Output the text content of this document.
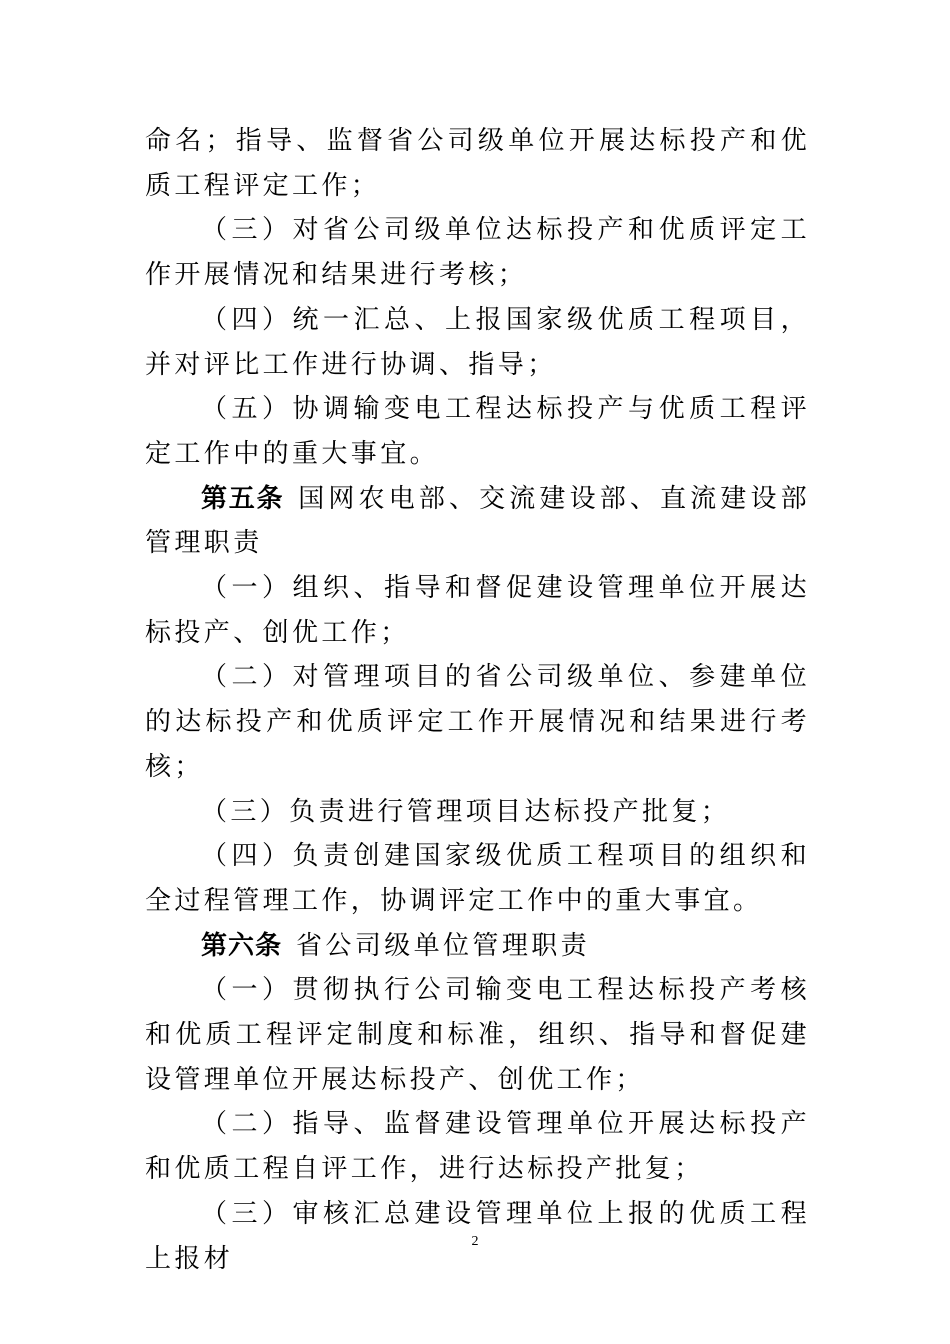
命名；指导、监督省公司级单位开展达标投产和优质工程评定工作；

（三）对省公司级单位达标投产和优质评定工作开展情况和结果进行考核；

（四）统一汇总、上报国家级优质工程项目，并对评比工作进行协调、指导；

（五）协调输变电工程达标投产与优质工程评定工作中的重大事宜。

第五条 国网农电部、交流建设部、直流建设部管理职责

（一）组织、指导和督促建设管理单位开展达标投产、创优工作；

（二）对管理项目的省公司级单位、参建单位的达标投产和优质评定工作开展情况和结果进行考核；

（三）负责进行管理项目达标投产批复；

（四）负责创建国家级优质工程项目的组织和全过程管理工作，协调评定工作中的重大事宜。

第六条 省公司级单位管理职责

（一）贯彻执行公司输变电工程达标投产考核和优质工程评定制度和标准，组织、指导和督促建设管理单位开展达标投产、创优工作；

（二）指导、监督建设管理单位开展达标投产和优质工程自评工作，进行达标投产批复；

（三）审核汇总建设管理单位上报的优质工程上报材

2
